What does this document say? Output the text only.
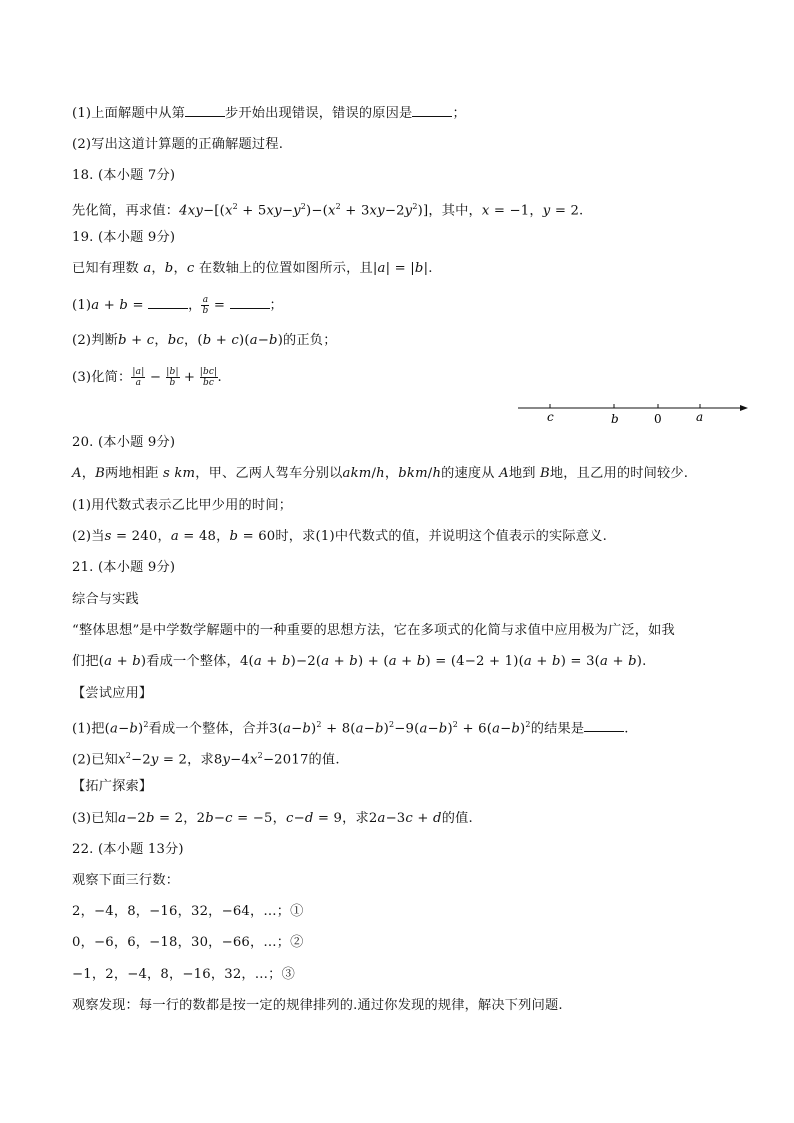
(1)上面解题中从第	步开始出现错误，错误的原因是	；
(2)写出这道计算题的正确解题过程.
18. (本小题 7分)
先化简，再求值：$4xy-[(x^2 + 5xy-y^2)-(x^2 + 3xy-2y^2)]$，其中，x = −1，y = 2.
19. (本小题 9分)
已知有理数 a，b，c 在数轴上的位置如图所示，且|a| = |b|.
(1)a + b =	，$\frac{a}{b}$ =	；
(2)判断b + c，bc，(b + c)(a−b)的正负；
(3)化简：|a|
a − |b|
b + |bc|
bc .
c	b	0	a
20. (本小题 9分)
A，B两地相距 s km，甲、乙两人驾车分别以akm/h，bkm/h的速度从 A地到 B地，且乙用的时间较少.
(1)用代数式表示乙比甲少用的时间；
(2)当s = 240，a = 48，b = 60时，求(1)中代数式的值，并说明这个值表示的实际意义.
21. (本小题 9分)
综合与实践
“整体思想”是中学数学解题中的一种重要的思想方法，它在多项式的化简与求值中应用极为广泛，如我
们把(a + b)看成一个整体，4(a + b)−2(a + b) + (a + b) = (4−2 + 1)(a + b) = 3(a + b).
【尝试应用】
(1)把$(a-b)^2$看成一个整体，合并$3(a-b)^2 + 8(a-b)^2-9(a-b)^2 + 6(a-b)^2$的结果是	.
(2)已知$x^2-2y = 2$，求$8y-4x^2-2017$的值.
【拓广探索】
(3)已知a−2b = 2，2b−c = −5，c−d = 9，求2a−3c + d的值.
22. (本小题 13分)
观察下面三行数：
2，−4，8，−16，32，−64，…；①
0，−6，6，−18，30，−66，…；②
−1，2，−4，8，−16，32，…；③
观察发现：每一行的数都是按一定的规律排列的.通过你发现的规律，解决下列问题.
